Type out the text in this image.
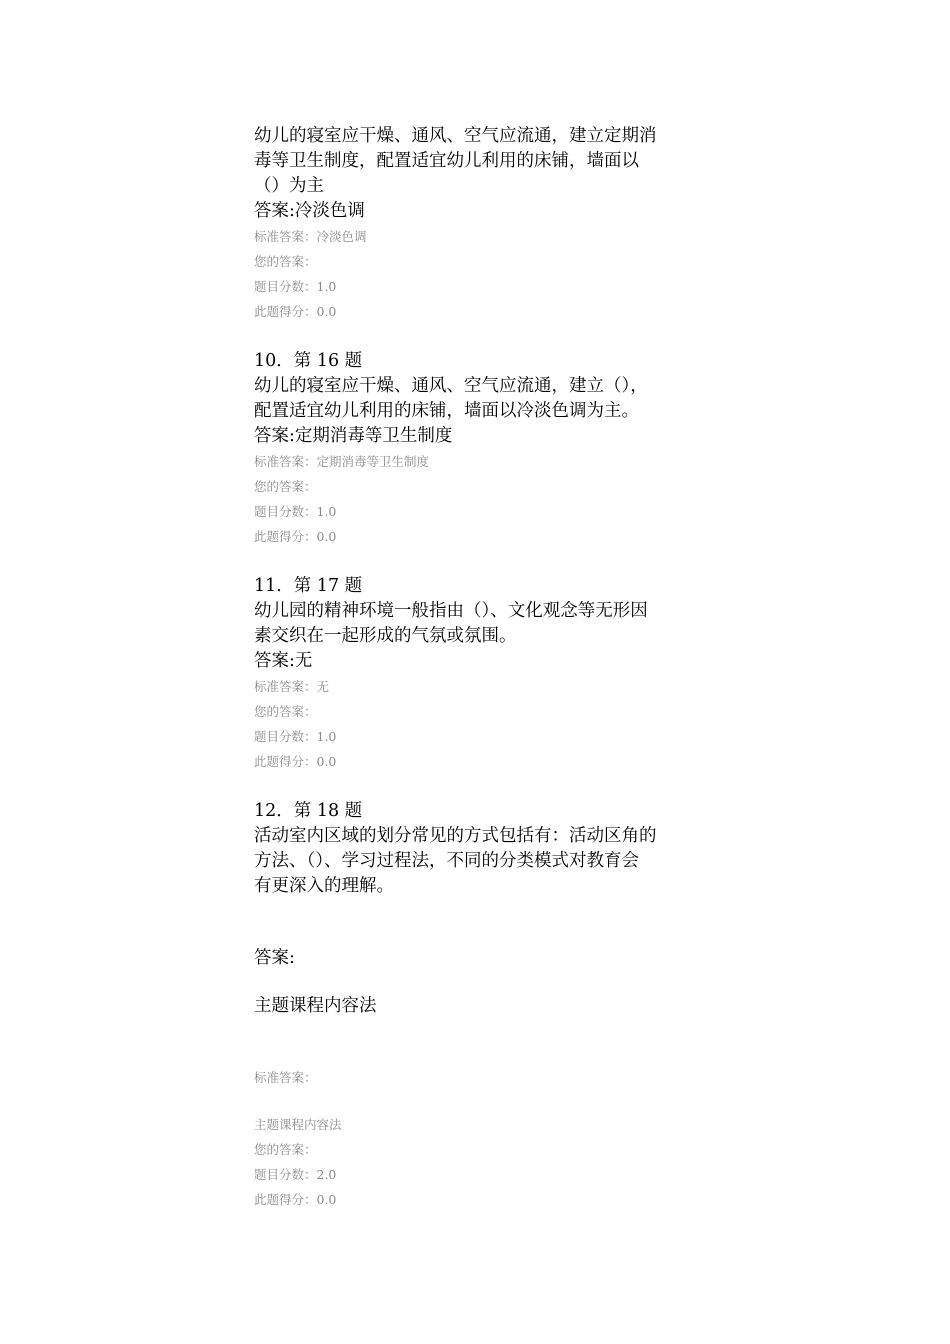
幼儿的寝室应干燥、通风、空气应流通，建立定期消

毒等卫生制度，配置适宜幼儿利用的床铺，墙面以

（）为主

答案:冷淡色调

标准答案：冷淡色调

您的答案：

题目分数：1.0

此题得分：0.0

10．第 16 题

幼儿的寝室应干燥、通风、空气应流通，建立（），

配置适宜幼儿利用的床铺，墙面以冷淡色调为主。

答案:定期消毒等卫生制度

标准答案：定期消毒等卫生制度

您的答案：

题目分数：1.0

此题得分：0.0

11．第 17 题

幼儿园的精神环境一般指由（）、文化观念等无形因

素交织在一起形成的气氛或氛围。

答案:无

标准答案：无

您的答案：

题目分数：1.0

此题得分：0.0

12．第 18 题

活动室内区域的划分常见的方式包括有：活动区角的

方法、（）、学习过程法，不同的分类模式对教育会

有更深入的理解。

答案:

主题课程内容法

标准答案：

主题课程内容法

您的答案：

题目分数：2.0

此题得分：0.0
